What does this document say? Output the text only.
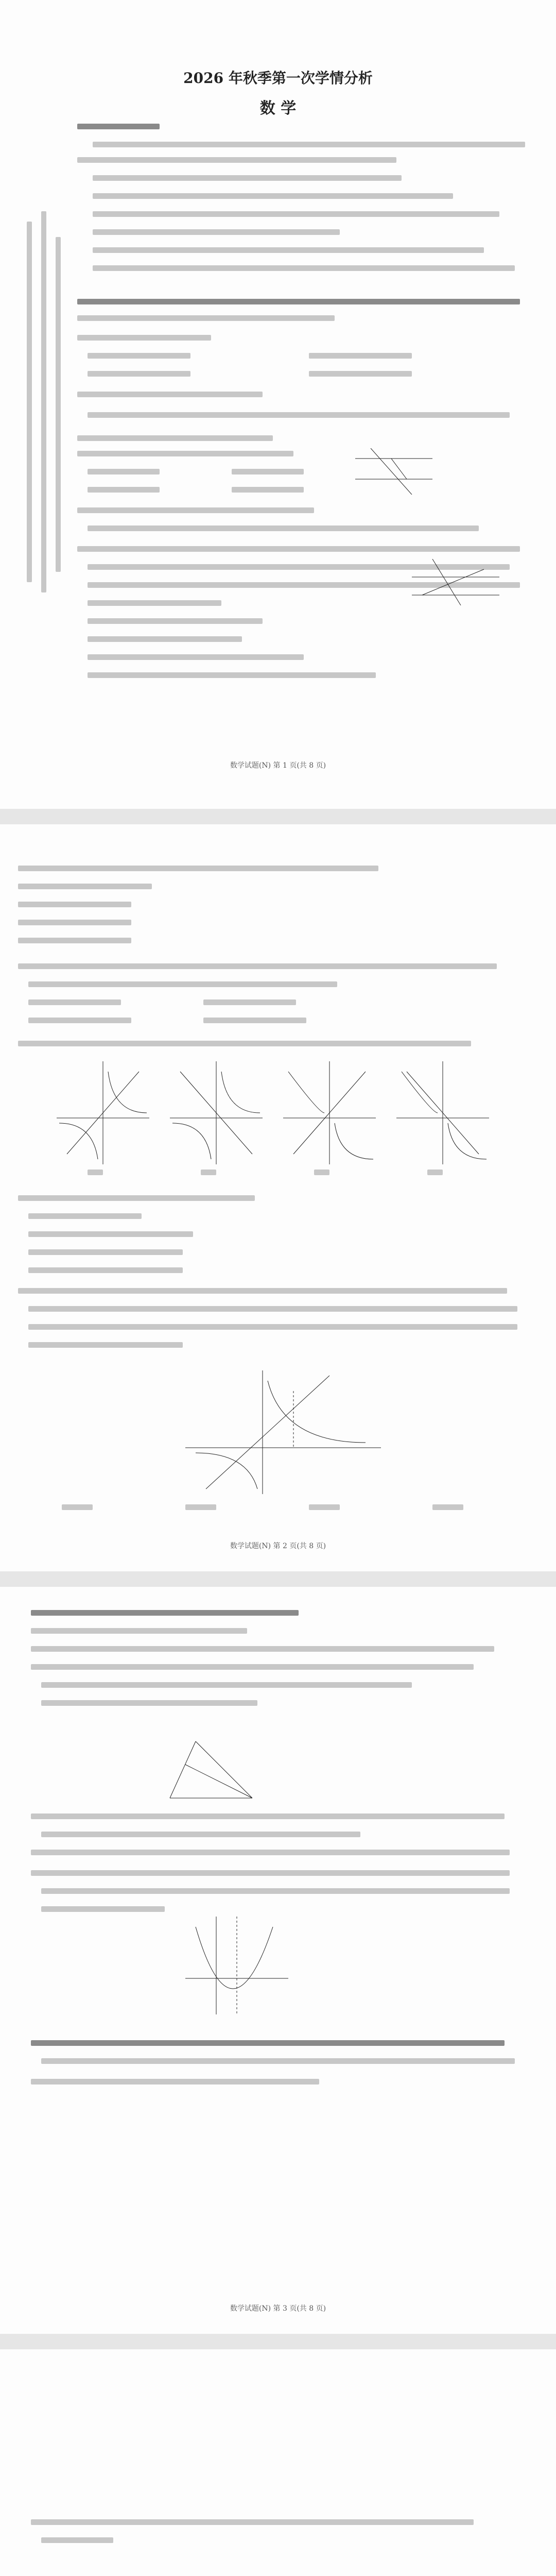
2026 年秋季第一次学情分析
数 学
数学试题(N) 第 1 页(共 8 页)
数学试题(N) 第 2 页(共 8 页)
数学试题(N) 第 3 页(共 8 页)
